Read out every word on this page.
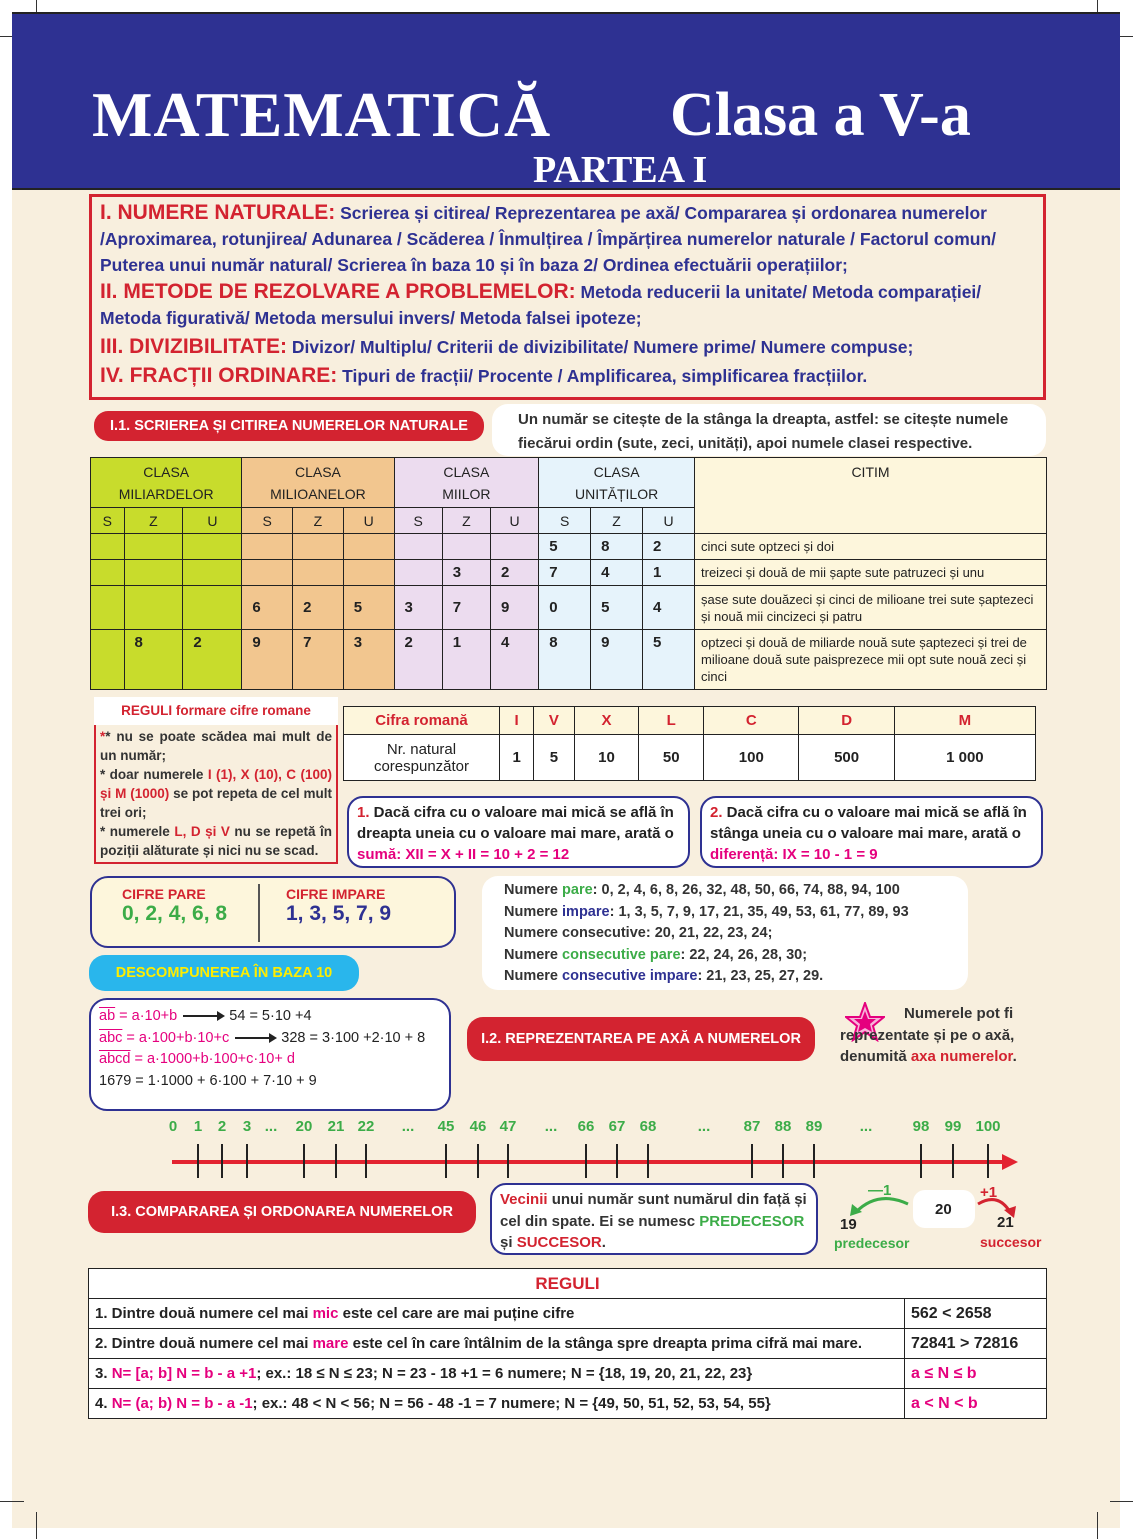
MATEMATICĂ Clasa a V-a
PARTEA I

I. NUMERE NATURALE: Scrierea și citirea/ Reprezentarea pe axă/ Compararea și ordonarea numerelor /Aproximarea, rotunjirea/ Adunarea / Scăderea / Înmulțirea / Împărțirea numerelor naturale / Factorul comun/ Puterea unui număr natural/ Scrierea în baza 10 și în baza 2/ Ordinea efectuării operațiilor;

II. METODE DE REZOLVARE A PROBLEMELOR: Metoda reducerii la unitate/ Metoda comparației/ Metoda figurativă/ Metoda mersului invers/ Metoda falsei ipoteze;

III. DIVIZIBILITATE: Divizor/ Multiplu/ Criterii de divizibilitate/ Numere prime/ Numere compuse;

IV. FRACȚII ORDINARE: Tipuri de fracții/ Procente / Amplificarea, simplificarea fracțiilor.

I.1. SCRIEREA ȘI CITIREA NUMERELOR NATURALE	Un număr se citește de la stânga la dreapta, astfel: se citește numele fiecărui ordin (sute, zeci, unități), apoi numele clasei respective.
CLASA MILIARDELOR			CLASA MILIOANELOR			CLASA MIILOR			CLASA UNITĂȚILOR			CITIM
S	Z	U	S	Z	U	S	Z	U	S	Z	U	
									5	8	2	cinci sute optzeci și doi
							3	2	7	4	1	treizeci și două de mii șapte sute patruzeci și unu
			6	2	5	3	7	9	0	5	4	șase sute douăzeci și cinci de milioane trei sute șaptezeci și nouă mii cincizeci și patru
	8	2	9	7	3	2	1	4	8	9	5	optzeci și două de miliarde nouă sute șaptezeci și trei de milioane două sute paisprezece mii opt sute nouă zeci și cinci
REGULI formare cifre romane
** nu se poate scădea mai mult de un număr;
* doar numerele I (1), X (10), C (100) și M (1000) se pot repeta de cel mult trei ori;
* numerele L, D și V nu se repetă în poziții alăturate și nici nu se scad.
Cifra romană	I	V	X	L	C	D	M
Nr. natural corespunzător	1	5	10	50	100	500	1 000
1. Dacă cifra cu o valoare mai mică se află în dreapta uneia cu o valoare mai mare, arată o sumă: XII = X + II = 10 + 2 = 12
2. Dacă cifra cu o valoare mai mică se află în stânga uneia cu o valoare mai mare, arată o diferență: IX = 10 - 1 = 9
CIFRE PARE
0, 2, 4, 6, 8
CIFRE IMPARE
1, 3, 5, 7, 9
Numere pare: 0, 2, 4, 6, 8, 26, 32, 48, 50, 66, 74, 88, 94, 100
Numere impare: 1, 3, 5, 7, 9, 17, 21, 35, 49, 53, 61, 77, 89, 93
Numere consecutive: 20, 21, 22, 23, 24;
Numere consecutive pare: 22, 24, 26, 28, 30;
Numere consecutive impare: 21, 23, 25, 27, 29.
DESCOMPUNEREA ÎN BAZA 10
$\overline{ab} = a\cdot 10+b$	54 = 5·10 +4
$\overline{abc} = a\cdot 100+b\cdot 10+c$	328 = 3·100 +2·10 + 8
abcd = a·1000+b·100+c·10+ d
1679 = 1·1000 + 6·100 + 7·10 + 9
I.2. REPREZENTAREA PE AXĂ A NUMERELOR
Numerele pot fi reprezentate și pe o axă, denumită axa numerelor.
0 1 2 3 ... 20 21 22 ... 45 46 47 ... 66 67 68	... 87 88 89 ...	98 99 100
I.3. COMPARAREA ȘI ORDONAREA NUMERELOR
Vecinii unui număr sunt numărul din față și cel din spate. Ei se numesc PREDECESOR și SUCCESOR.
20
—1	+1
19
predecesor
21
succesor
REGULI	
1. Dintre două numere cel mai mic este cel care are mai puține cifre	562 < 2658
2. Dintre două numere cel mai mare este cel în care întâlnim de la stânga spre dreapta prima cifră mai mare.	72841 > 72816
3. N= [a; b] N = b - a +1; ex.: 18 ≤ N ≤ 23; N = 23 - 18 +1 = 6 numere; N = {18, 19, 20, 21, 22, 23}	a ≤ N ≤ b
4. N= (a; b) N = b - a -1; ex.: 48 < N < 56; N = 56 - 48 -1 = 7 numere; N = {49, 50, 51, 52, 53, 54, 55}	a < N < b
